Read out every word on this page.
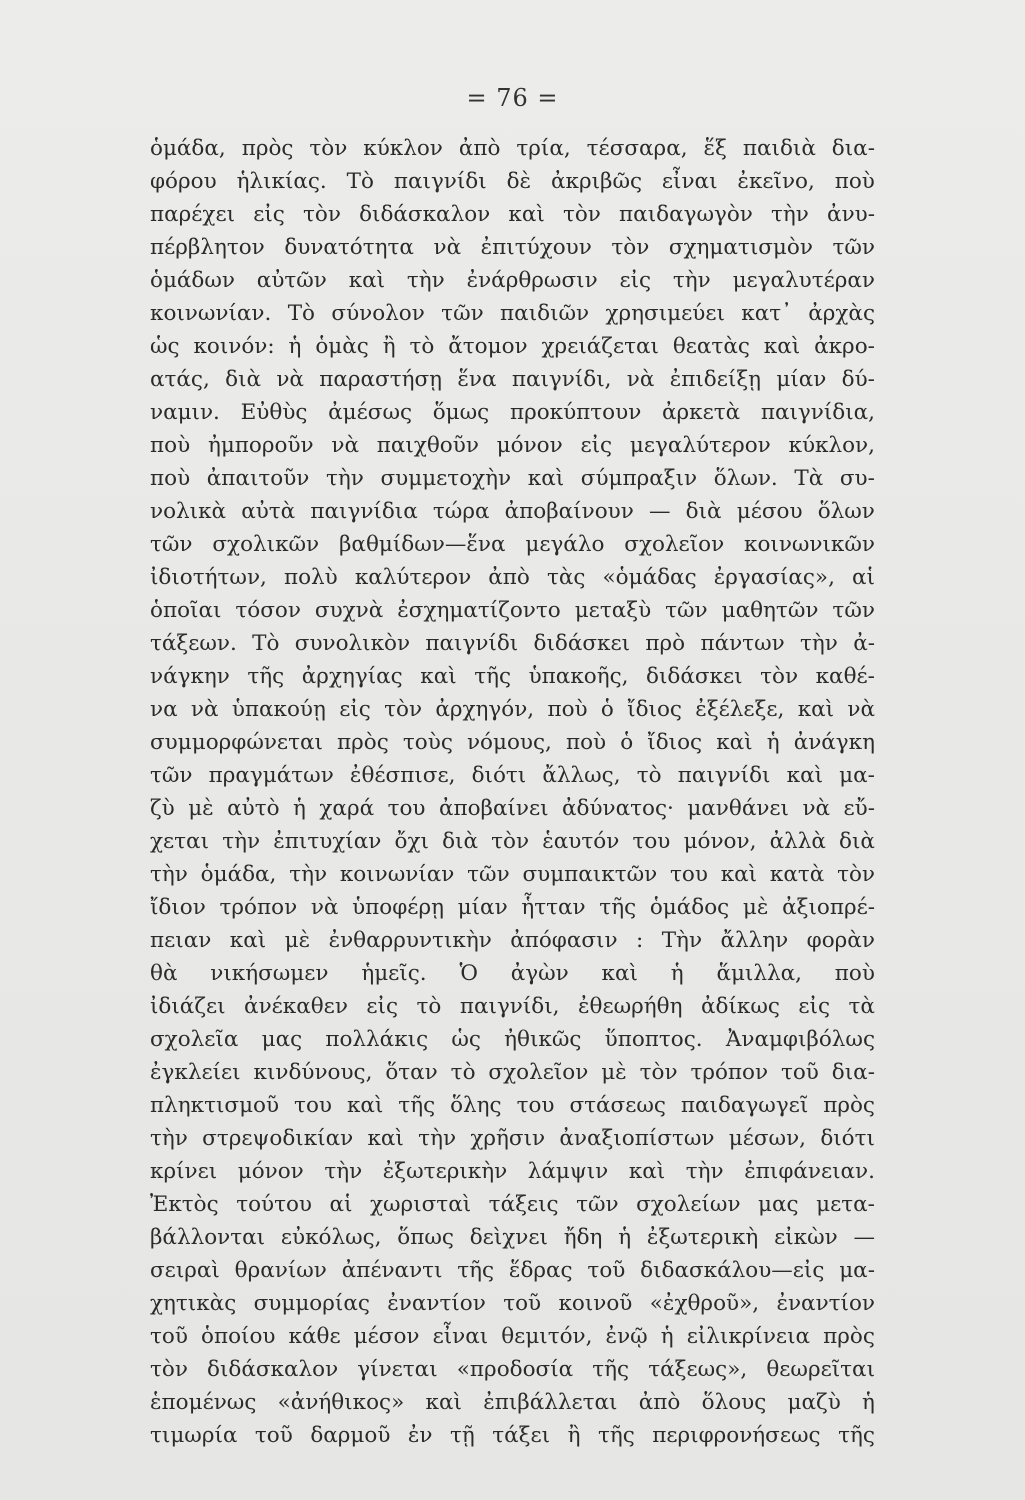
= 76 =
ὁμάδα, πρὸς τὸν κύκλον ἀπὸ τρία, τέσσαρα, ἕξ παιδιὰ δια-
φόρου ἡλικίας. Τὸ παιγνίδι δὲ ἀκριβῶς εἶναι ἐκεῖνο, ποὺ
παρέχει εἰς τὸν διδάσκαλον καὶ τὸν παιδαγωγὸν τὴν ἀνυ-
πέρβλητον δυνατότητα νὰ ἐπιτύχουν τὸν σχηματισμὸν τῶν
ὁμάδων αὐτῶν καὶ τὴν ἐνάρθρωσιν εἰς τὴν μεγαλυτέραν
κοινωνίαν. Τὸ σύνολον τῶν παιδιῶν χρησιμεύει κατ᾽ ἀρχὰς
ὡς κοινόν: ἡ ὁμὰς ἢ τὸ ἄτομον χρειάζεται θεατὰς καὶ ἀκρο-
ατάς, διὰ νὰ παραστήσῃ ἕνα παιγνίδι, νὰ ἐπιδείξῃ μίαν δύ-
ναμιν. Εὐθὺς ἀμέσως ὅμως προκύπτουν ἀρκετὰ παιγνίδια,
ποὺ ἠμποροῦν νὰ παιχθοῦν μόνον εἰς μεγαλύτερον κύκλον,
ποὺ ἀπαιτοῦν τὴν συμμετοχὴν καὶ σύμπραξιν ὅλων. Τὰ συ-
νολικὰ αὐτὰ παιγνίδια τώρα ἀποβαίνουν — διὰ μέσου ὅλων
τῶν σχολικῶν βαθμίδων—ἕνα μεγάλο σχολεῖον κοινωνικῶν
ἰδιοτήτων, πολὺ καλύτερον ἀπὸ τὰς «ὁμάδας ἐργασίας», αἱ
ὁποῖαι τόσον συχνὰ ἐσχηματίζοντο μεταξὺ τῶν μαθητῶν τῶν
τάξεων. Τὸ συνολικὸν παιγνίδι διδάσκει πρὸ πάντων τὴν ἀ-
νάγκην τῆς ἀρχηγίας καὶ τῆς ὑπακοῆς, διδάσκει τὸν καθέ-
να νὰ ὑπακούῃ εἰς τὸν ἀρχηγόν, ποὺ ὁ ἴδιος ἐξέλεξε, καὶ νὰ
συμμορφώνεται πρὸς τοὺς νόμους, ποὺ ὁ ἴδιος καὶ ἡ ἀνάγκη
τῶν πραγμάτων ἐθέσπισε, διότι ἄλλως, τὸ παιγνίδι καὶ μα-
ζὺ μὲ αὐτὸ ἡ χαρά του ἀποβαίνει ἀδύνατος· μανθάνει νὰ εὔ-
χεται τὴν ἐπιτυχίαν ὄχι διὰ τὸν ἑαυτόν του μόνον, ἀλλὰ διὰ
τὴν ὁμάδα, τὴν κοινωνίαν τῶν συμπαικτῶν του καὶ κατὰ τὸν
ἴδιον τρόπον νὰ ὑποφέρῃ μίαν ἧτταν τῆς ὁμάδος μὲ ἀξιοπρέ-
πειαν καὶ μὲ ἐνθαρρυντικὴν ἀπόφασιν : Τὴν ἄλλην φορὰν
θὰ νικήσωμεν ἡμεῖς. Ὁ ἀγὼν καὶ ἡ ἅμιλλα, ποὺ
ἰδιάζει ἀνέκαθεν εἰς τὸ παιγνίδι, ἐθεωρήθη ἀδίκως εἰς τὰ
σχολεῖα μας πολλάκις ὡς ἠθικῶς ὕποπτος. Ἀναμφιβόλως
ἐγκλείει κινδύνους, ὅταν τὸ σχολεῖον μὲ τὸν τρόπον τοῦ δια-
πληκτισμοῦ του καὶ τῆς ὅλης του στάσεως παιδαγωγεῖ πρὸς
τὴν στρεψοδικίαν καὶ τὴν χρῆσιν ἀναξιοπίστων μέσων, διότι
κρίνει μόνον τὴν ἐξωτερικὴν λάμψιν καὶ τὴν ἐπιφάνειαν.
Ἐκτὸς τούτου αἱ χωρισταὶ τάξεις τῶν σχολείων μας μετα-
βάλλονται εὐκόλως, ὅπως δεὶχνει ἤδη ἡ ἐξωτερικὴ εἰκὼν —
σειραὶ θρανίων ἀπέναντι τῆς ἕδρας τοῦ διδασκάλου—εἰς μα-
χητικὰς συμμορίας ἐναντίον τοῦ κοινοῦ «ἐχθροῦ», ἐναντίον
τοῦ ὁποίου κάθε μέσον εἶναι θεμιτόν, ἐνῷ ἡ εἰλικρίνεια πρὸς
τὸν διδάσκαλον γίνεται «προδοσία τῆς τάξεως», θεωρεῖται
ἑπομένως «ἀνήθικος» καὶ ἐπιβάλλεται ἀπὸ ὅλους μαζὺ ἡ
τιμωρία τοῦ δαρμοῦ ἐν τῇ τάξει ἢ τῆς περιφρονήσεως τῆς
